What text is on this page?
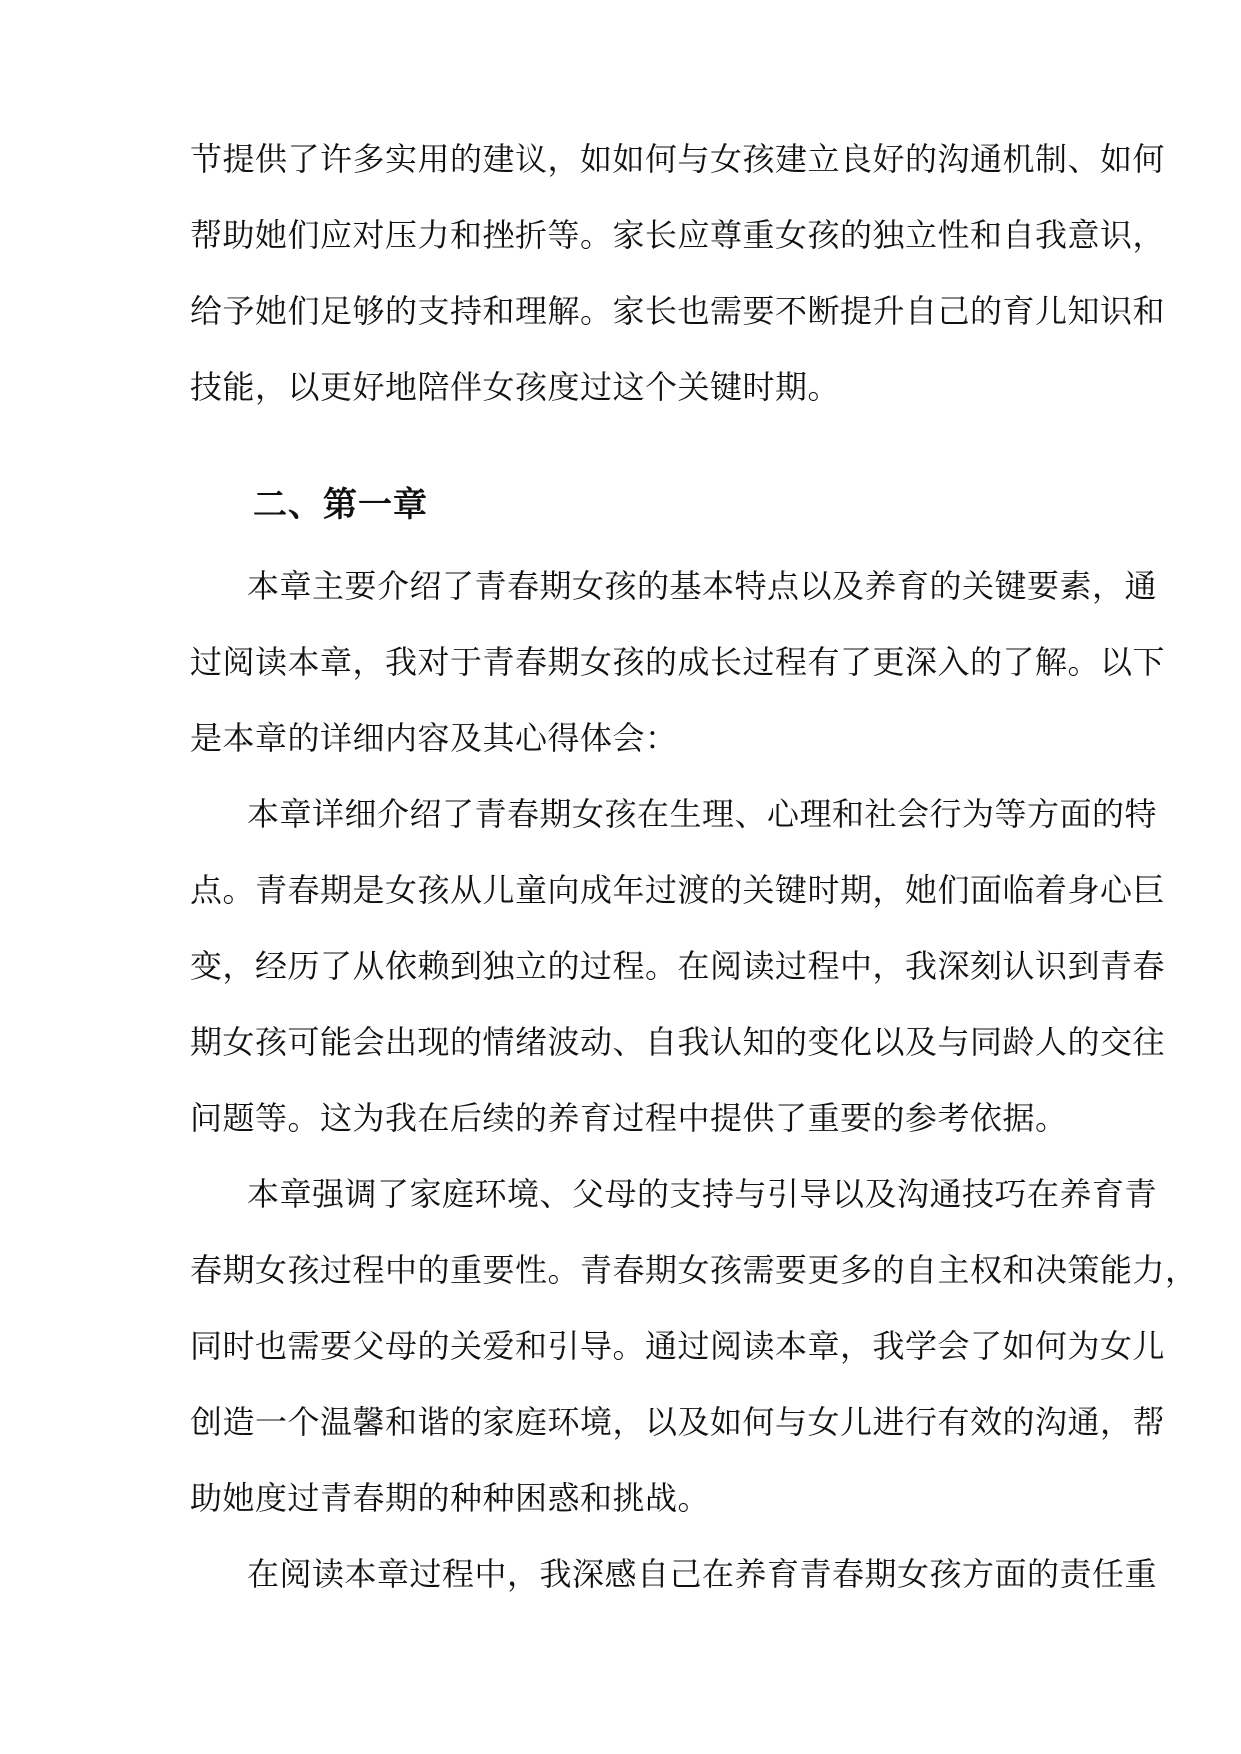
节提供了许多实用的建议，如如何与女孩建立良好的沟通机制、如何
帮助她们应对压力和挫折等。家长应尊重女孩的独立性和自我意识，
给予她们足够的支持和理解。家长也需要不断提升自己的育儿知识和
技能，以更好地陪伴女孩度过这个关键时期。
二、第一章
本章主要介绍了青春期女孩的基本特点以及养育的关键要素，通
过阅读本章，我对于青春期女孩的成长过程有了更深入的了解。以下
是本章的详细内容及其心得体会：
本章详细介绍了青春期女孩在生理、心理和社会行为等方面的特
点。青春期是女孩从儿童向成年过渡的关键时期，她们面临着身心巨
变，经历了从依赖到独立的过程。在阅读过程中，我深刻认识到青春
期女孩可能会出现的情绪波动、自我认知的变化以及与同龄人的交往
问题等。这为我在后续的养育过程中提供了重要的参考依据。
本章强调了家庭环境、父母的支持与引导以及沟通技巧在养育青
春期女孩过程中的重要性。青春期女孩需要更多的自主权和决策能力，
同时也需要父母的关爱和引导。通过阅读本章，我学会了如何为女儿
创造一个温馨和谐的家庭环境，以及如何与女儿进行有效的沟通，帮
助她度过青春期的种种困惑和挑战。
在阅读本章过程中，我深感自己在养育青春期女孩方面的责任重
